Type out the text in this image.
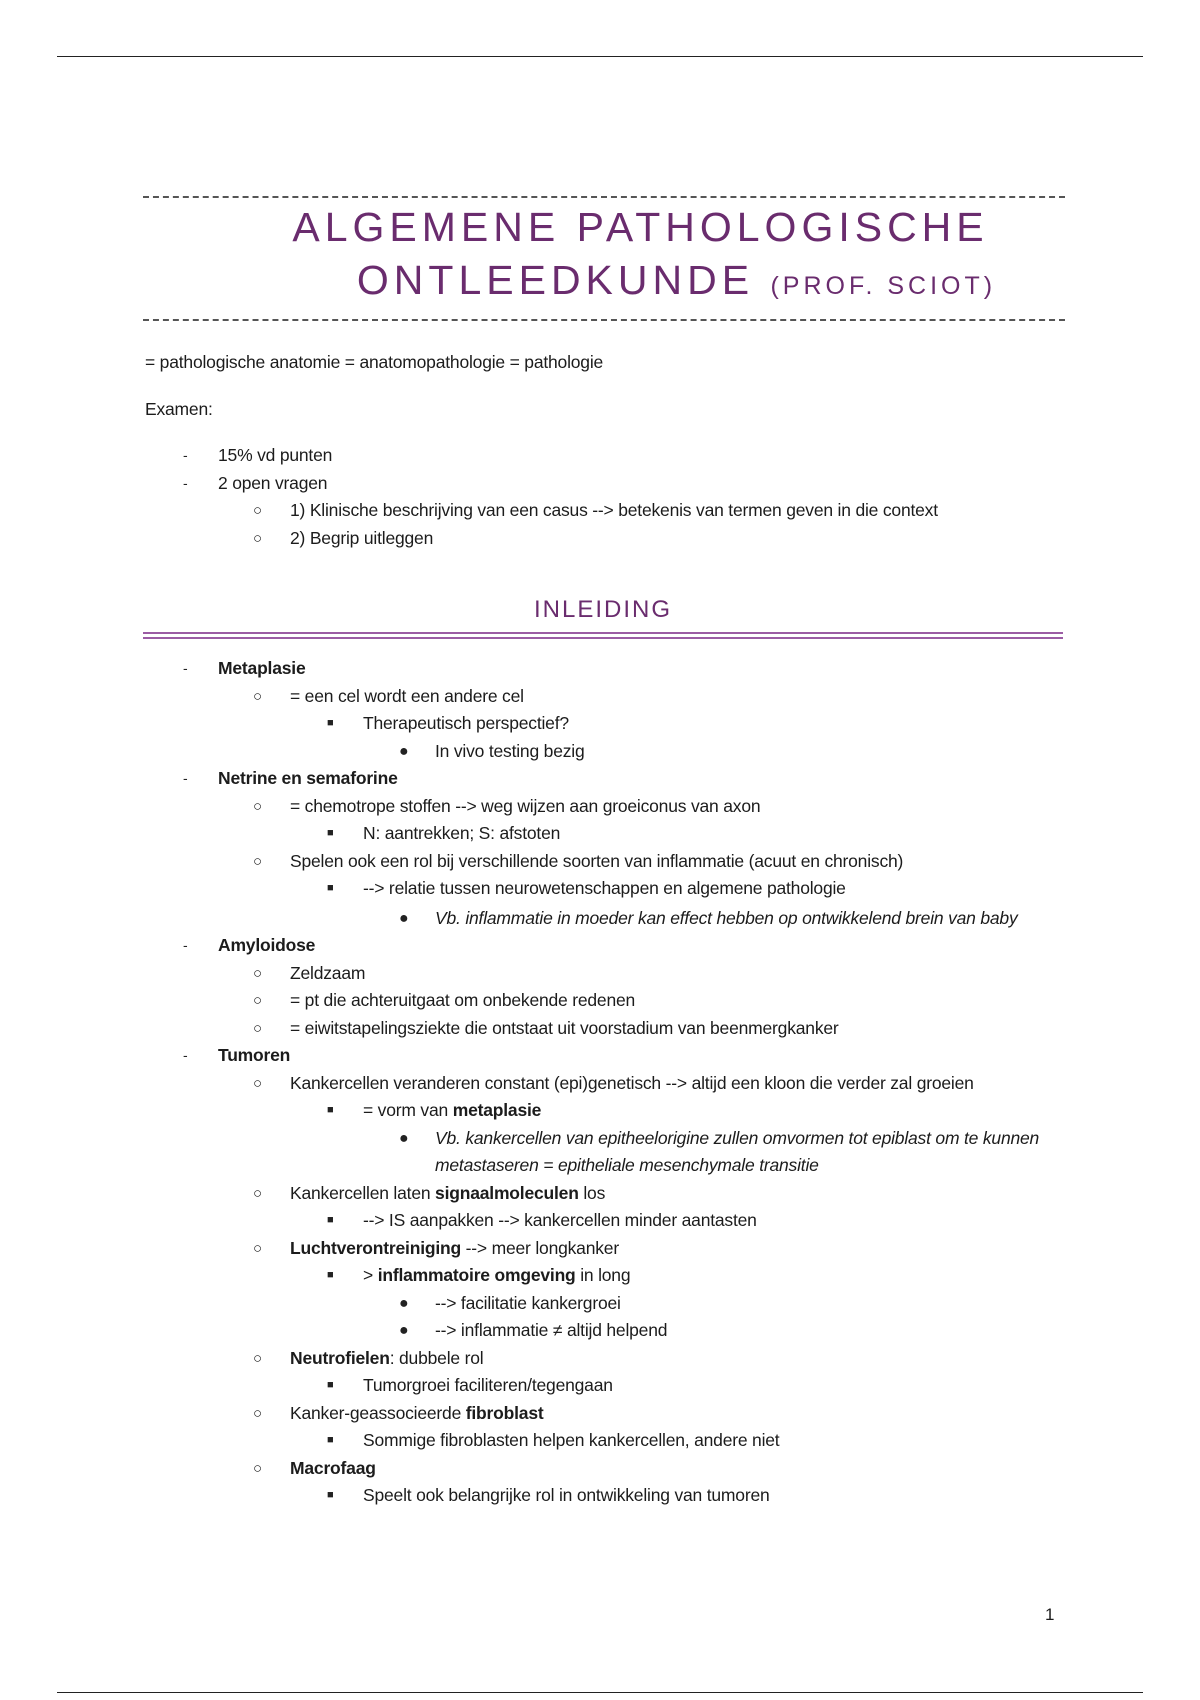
ALGEMENE PATHOLOGISCHE
ONTLEEDKUNDE (PROF. SCIOT)
= pathologische anatomie = anatomopathologie = pathologie
Examen:
- 15% vd punten
- 2 open vragen
○ 1) Klinische beschrijving van een casus --> betekenis van termen geven in die context
○ 2) Begrip uitleggen
INLEIDING
- Metaplasie
○ = een cel wordt een andere cel
■ Therapeutisch perspectief?
● In vivo testing bezig
- Netrine en semaforine
○ = chemotrope stoffen --> weg wijzen aan groeiconus van axon
■ N: aantrekken; S: afstoten
○ Spelen ook een rol bij verschillende soorten van inflammatie (acuut en chronisch)
■ --> relatie tussen neurowetenschappen en algemene pathologie
● Vb. inflammatie in moeder kan effect hebben op ontwikkelend brein van baby
- Amyloidose
○ Zeldzaam
○ = pt die achteruitgaat om onbekende redenen
○ = eiwitstapelingsziekte die ontstaat uit voorstadium van beenmergkanker
- Tumoren
○ Kankercellen veranderen constant (epi)genetisch --> altijd een kloon die verder zal groeien
■ = vorm van metaplasie
● Vb. kankercellen van epitheelorigine zullen omvormen tot epiblast om te kunnen metastaseren = epitheliale mesenchymale transitie
○ Kankercellen laten signaalmoleculen los
■ --> IS aanpakken --> kankercellen minder aantasten
○ Luchtverontreiniging --> meer longkanker
■ > inflammatoire omgeving in long
● --> facilitatie kankergroei
● --> inflammatie ≠ altijd helpend
○ Neutrofielen: dubbele rol
■ Tumorgroei faciliteren/tegengaan
○ Kanker-geassocieerde fibroblast
■ Sommige fibroblasten helpen kankercellen, andere niet
○ Macrofaag
■ Speelt ook belangrijke rol in ontwikkeling van tumoren
1
